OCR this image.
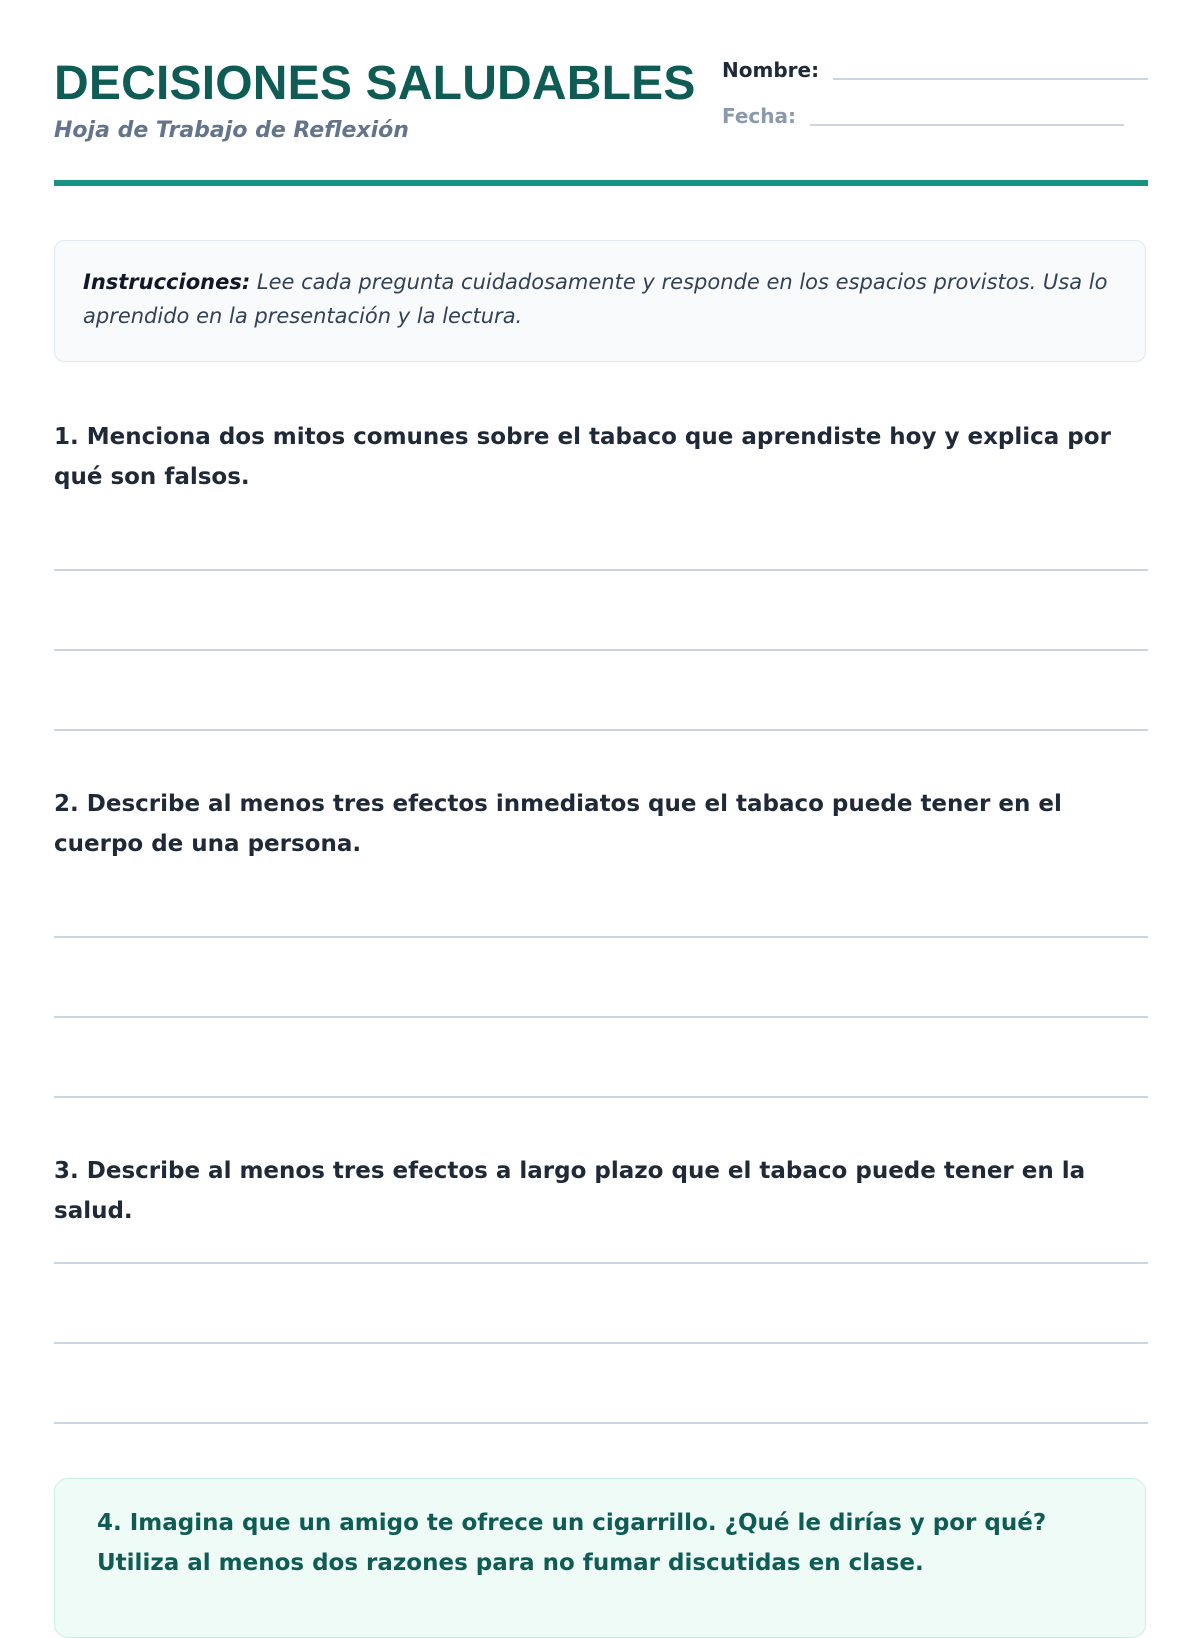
DECISIONES SALUDABLES
Hoja de Trabajo de Reflexión
Nombre:
Fecha:
Instrucciones: Lee cada pregunta cuidadosamente y responde en los espacios provistos. Usa lo aprendido en la presentación y la lectura.

1. Menciona dos mitos comunes sobre el tabaco que aprendiste hoy y explica por qué son falsos.

2. Describe al menos tres efectos inmediatos que el tabaco puede tener en el cuerpo de una persona.

3. Describe al menos tres efectos a largo plazo que el tabaco puede tener en la salud.

4. Imagina que un amigo te ofrece un cigarrillo. ¿Qué le dirías y por qué? Utiliza al menos dos razones para no fumar discutidas en clase.
